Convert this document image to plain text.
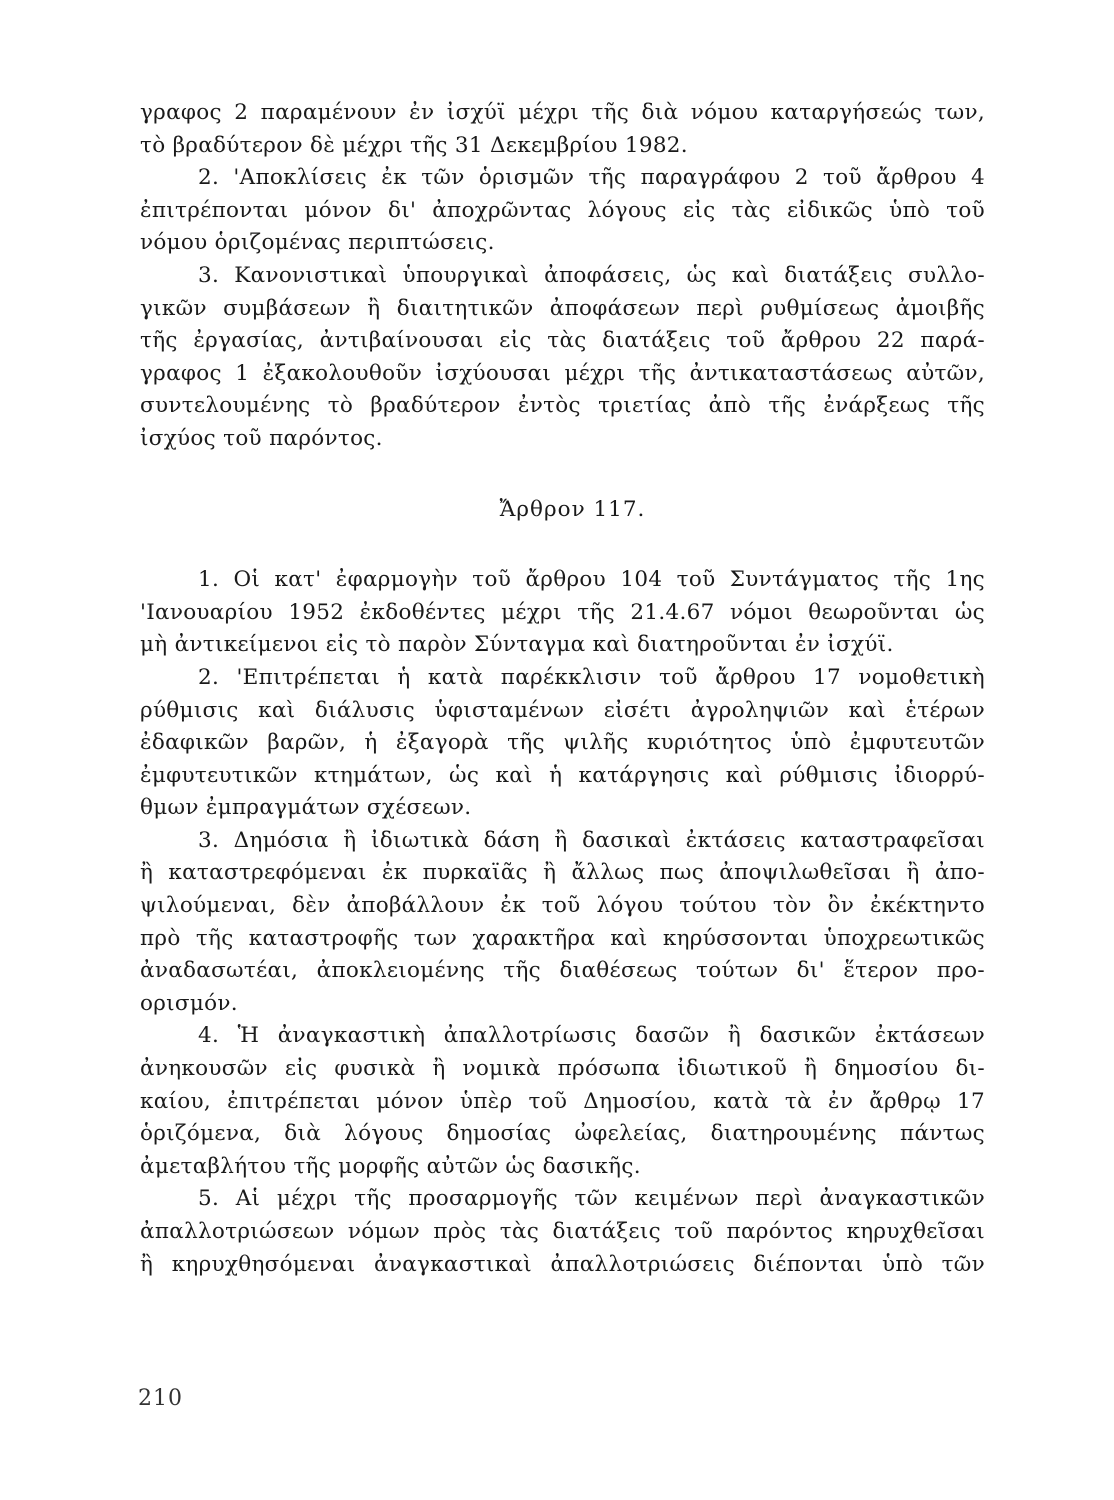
γραφος 2 παραμένουν ἐν ἰσχύϊ μέχρι τῆς διὰ νόμου καταργήσεώς των,
τὸ βραδύτερον δὲ μέχρι τῆς 31 Δεκεμβρίου 1982.
2. 'Αποκλίσεις ἐκ τῶν ὁρισμῶν τῆς παραγράφου 2 τοῦ ἄρθρου 4
ἐπιτρέπονται μόνον δι' ἀποχρῶντας λόγους εἰς τὰς εἰδικῶς ὑπὸ τοῦ
νόμου ὁριζομένας περιπτώσεις.
3. Κανονιστικαὶ ὑπουργικαὶ ἀποφάσεις, ὡς καὶ διατάξεις συλλο-
γικῶν συμβάσεων ἢ διαιτητικῶν ἀποφάσεων περὶ ρυθμίσεως ἀμοιβῆς
τῆς ἐργασίας, ἀντιβαίνουσαι εἰς τὰς διατάξεις τοῦ ἄρθρου 22 παρά-
γραφος 1 ἐξακολουθοῦν ἰσχύουσαι μέχρι τῆς ἀντικαταστάσεως αὐτῶν,
συντελουμένης τὸ βραδύτερον ἐντὸς τριετίας ἀπὸ τῆς ἐνάρξεως τῆς
ἰσχύος τοῦ παρόντος.
Ἄρθρον 117.
1. Οἱ κατ' ἐφαρμογὴν τοῦ ἄρθρου 104 τοῦ Συντάγματος τῆς 1ης
'Ιανουαρίου 1952 ἐκδοθέντες μέχρι τῆς 21.4.67 νόμοι θεωροῦνται ὡς
μὴ ἀντικείμενοι εἰς τὸ παρὸν Σύνταγμα καὶ διατηροῦνται ἐν ἰσχύϊ.
2. 'Επιτρέπεται ἡ κατὰ παρέκκλισιν τοῦ ἄρθρου 17 νομοθετικὴ
ρύθμισις καὶ διάλυσις ὑφισταμένων εἰσέτι ἀγροληψιῶν καὶ ἑτέρων
ἐδαφικῶν βαρῶν, ἡ ἐξαγορὰ τῆς ψιλῆς κυριότητος ὑπὸ ἐμφυτευτῶν
ἐμφυτευτικῶν κτημάτων, ὡς καὶ ἡ κατάργησις καὶ ρύθμισις ἰδιορρύ-
θμων ἐμπραγμάτων σχέσεων.
3. Δημόσια ἢ ἰδιωτικὰ δάση ἢ δασικαὶ ἐκτάσεις καταστραφεῖσαι
ἢ καταστρεφόμεναι ἐκ πυρκαϊᾶς ἢ ἄλλως πως ἀποψιλωθεῖσαι ἢ ἀπο-
ψιλούμεναι, δὲν ἀποβάλλουν ἐκ τοῦ λόγου τούτου τὸν ὂν ἐκέκτηντο
πρὸ τῆς καταστροφῆς των χαρακτῆρα καὶ κηρύσσονται ὑποχρεωτικῶς
ἀναδασωτέαι, ἀποκλειομένης τῆς διαθέσεως τούτων δι' ἕτερον προ-
ορισμόν.
4. Ἡ ἀναγκαστικὴ ἀπαλλοτρίωσις δασῶν ἢ δασικῶν ἐκτάσεων
ἀνηκουσῶν εἰς φυσικὰ ἢ νομικὰ πρόσωπα ἰδιωτικοῦ ἢ δημοσίου δι-
καίου, ἐπιτρέπεται μόνον ὑπὲρ τοῦ Δημοσίου, κατὰ τὰ ἐν ἄρθρῳ 17
ὁριζόμενα, διὰ λόγους δημοσίας ὠφελείας, διατηρουμένης πάντως
ἀμεταβλήτου τῆς μορφῆς αὐτῶν ὡς δασικῆς.
5. Αἱ μέχρι τῆς προσαρμογῆς τῶν κειμένων περὶ ἀναγκαστικῶν
ἀπαλλοτριώσεων νόμων πρὸς τὰς διατάξεις τοῦ παρόντος κηρυχθεῖσαι
ἢ κηρυχθησόμεναι ἀναγκαστικαὶ ἀπαλλοτριώσεις διέπονται ὑπὸ τῶν
210
